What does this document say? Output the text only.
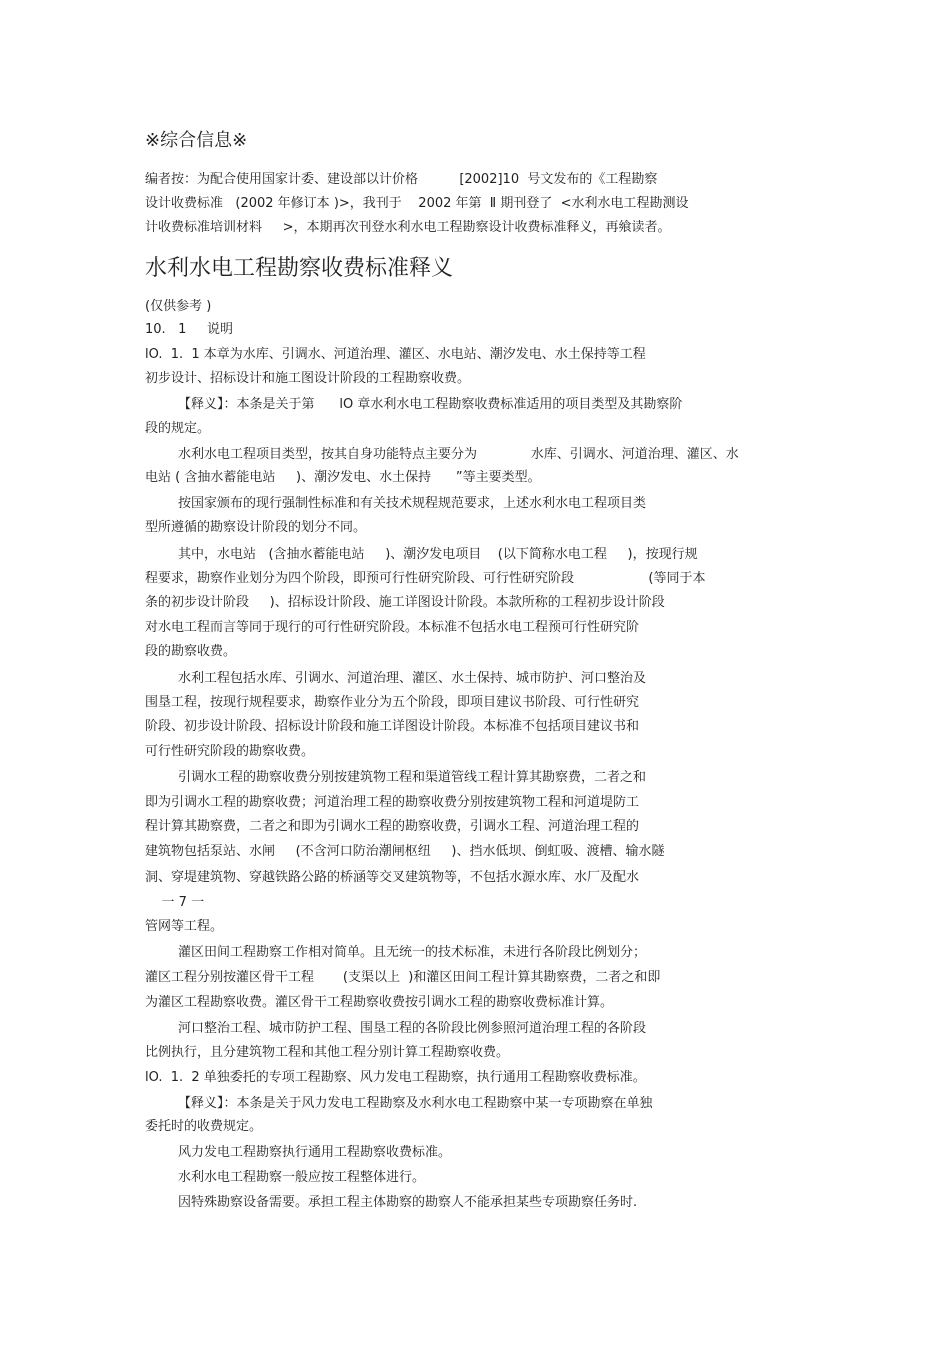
※综合信息※
编者按：为配合使用国家计委、建设部以计价格          [2002]10  号文发布的《工程勘察
设计收费标准   (2002 年修订本 )>，我刊于    2002 年第  Ⅱ 期刊登了  <水利水电工程勘测设
计收费标准培训材料     >，本期再次刊登水利水电工程勘察设计收费标准释义，再飨读者。
水利水电工程勘察收费标准释义
(仅供参考 )
10.   1     说明
lO.  1.  1 本章为水库、引调水、河道治理、灌区、水电站、潮汐发电、水土保持等工程
初步设计、招标设计和施工图设计阶段的工程勘察收费。
【释义】：本条是关于第      lO 章水利水电工程勘察收费标准适用的项目类型及其勘察阶
段的规定。
水利水电工程项目类型，按其自身功能特点主要分为             水库、引调水、河道治理、灌区、水
电站 ( 含抽水蓄能电站     )、潮汐发电、水土保持      ”等主要类型。
按国家颁布的现行强制性标准和有关技术规程规范要求，上述水利水电工程项目类
型所遵循的勘察设计阶段的划分不同。
其中，水电站   (含抽水蓄能电站     )、潮汐发电项目    (以下简称水电工程     )，按现行规
程要求，勘察作业划分为四个阶段，即预可行性研究阶段、可行性研究阶段                  (等同于本
条的初步设计阶段     )、招标设计阶段、施工详图设计阶段。本款所称的工程初步设计阶段
对水电工程而言等同于现行的可行性研究阶段。本标准不包括水电工程预可行性研究阶
段的勘察收费。
水利工程包括水库、引调水、河道治理、灌区、水土保持、城市防护、河口整治及
围垦工程，按现行规程要求，勘察作业分为五个阶段，即项目建议书阶段、可行性研究
阶段、初步设计阶段、招标设计阶段和施工详图设计阶段。本标准不包括项目建议书和
可行性研究阶段的勘察收费。
引调水工程的勘察收费分别按建筑物工程和渠道管线工程计算其勘察费，二者之和
即为引调水工程的勘察收费；河道治理工程的勘察收费分别按建筑物工程和河道堤防工
程计算其勘察费，二者之和即为引调水工程的勘察收费，引调水工程、河道治理工程的
建筑物包括泵站、水闸     (不含河口防治潮闸枢纽     )、挡水低坝、倒虹吸、渡槽、输水隧
洞、穿堤建筑物、穿越铁路公路的桥涵等交叉建筑物等，不包括水源水库、水厂及配水
一 7 一
管网等工程。
灌区田间工程勘察工作相对简单。且无统一的技术标准，未进行各阶段比例划分；
灌区工程分别按灌区骨干工程       (支渠以上  )和灌区田间工程计算其勘察费，二者之和即
为灌区工程勘察收费。灌区骨干工程勘察收费按引调水工程的勘察收费标准计算。
河口整治工程、城市防护工程、围垦工程的各阶段比例参照河道治理工程的各阶段
比例执行，且分建筑物工程和其他工程分别计算工程勘察收费。
lO.  1.  2 单独委托的专项工程勘察、风力发电工程勘察，执行通用工程勘察收费标准。
【释义】：本条是关于风力发电工程勘察及水利水电工程勘察中某一专项勘察在单独
委托时的收费规定。
风力发电工程勘察执行通用工程勘察收费标准。
水利水电工程勘察一般应按工程整体进行。
因特殊勘察设备需要。承担工程主体勘察的勘察人不能承担某些专项勘察任务时.
